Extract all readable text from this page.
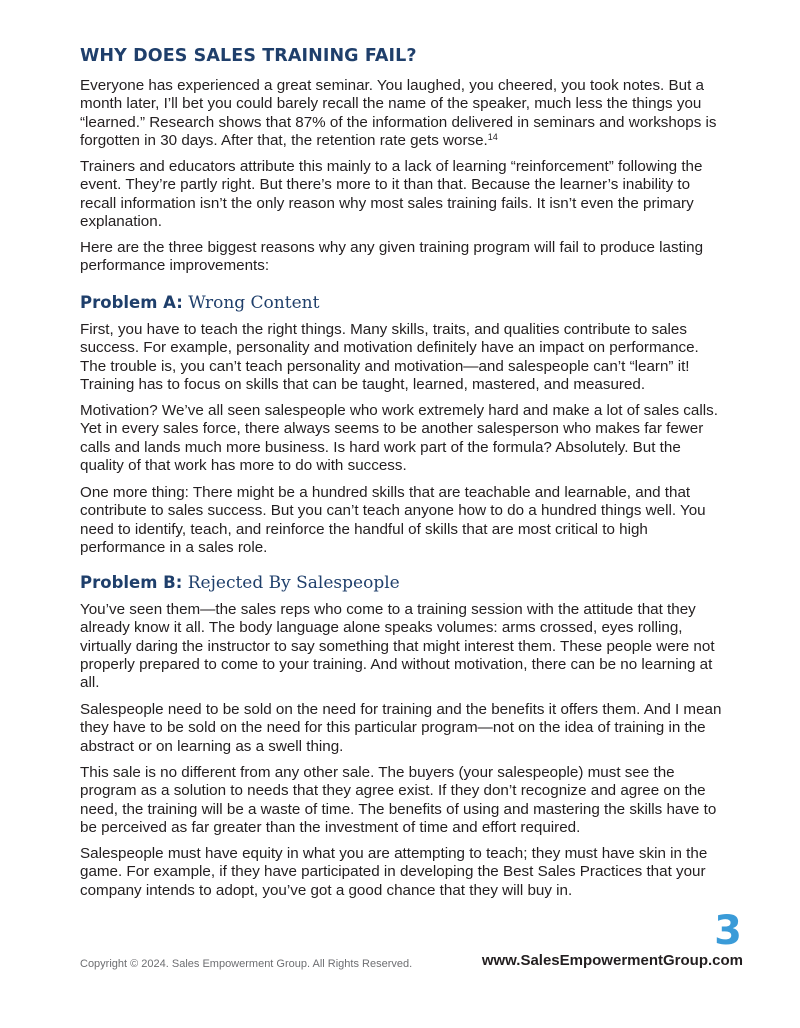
WHY DOES SALES TRAINING FAIL?

Everyone has experienced a great seminar. You laughed, you cheered, you took notes. But a month later, I’ll bet you could barely recall the name of the speaker, much less the things you “learned.” Research shows that 87% of the information delivered in seminars and workshops is forgotten in 30 days. After that, the retention rate gets worse.$^{14}$

Trainers and educators attribute this mainly to a lack of learning “reinforcement” following the event. They’re partly right. But there’s more to it than that. Because the learner’s inability to recall information isn’t the only reason why most sales training fails. It isn’t even the primary explanation.

Here are the three biggest reasons why any given training program will fail to produce lasting performance improvements:

Problem A: Wrong Content

First, you have to teach the right things. Many skills, traits, and qualities contribute to sales success. For example, personality and motivation definitely have an impact on performance. The trouble is, you can’t teach personality and motivation—and salespeople can’t “learn” it! Training has to focus on skills that can be taught, learned, mastered, and measured.

Motivation? We’ve all seen salespeople who work extremely hard and make a lot of sales calls. Yet in every sales force, there always seems to be another salesperson who makes far fewer calls and lands much more business. Is hard work part of the formula? Absolutely. But the quality of that work has more to do with success.

One more thing: There might be a hundred skills that are teachable and learnable, and that contribute to sales success. But you can’t teach anyone how to do a hundred things well. You need to identify, teach, and reinforce the handful of skills that are most critical to high performance in a sales role.

Problem B: Rejected By Salespeople

You’ve seen them—the sales reps who come to a training session with the attitude that they already know it all. The body language alone speaks volumes: arms crossed, eyes rolling, virtually daring the instructor to say something that might interest them. These people were not properly prepared to come to your training. And without motivation, there can be no learning at all.

Salespeople need to be sold on the need for training and the benefits it offers them. And I mean they have to be sold on the need for this particular program—not on the idea of training in the abstract or on learning as a swell thing.

This sale is no different from any other sale. The buyers (your salespeople) must see the program as a solution to needs that they agree exist. If they don’t recognize and agree on the need, the training will be a waste of time. The benefits of using and mastering the skills have to be perceived as far greater than the investment of time and effort required.

Salespeople must have equity in what you are attempting to teach; they must have skin in the game. For example, if they have participated in developing the Best Sales Practices that your company intends to adopt, you’ve got a good chance that they will buy in.

3
Copyright © 2024. Sales Empowerment Group. All Rights Reserved.	www.SalesEmpowermentGroup.com
